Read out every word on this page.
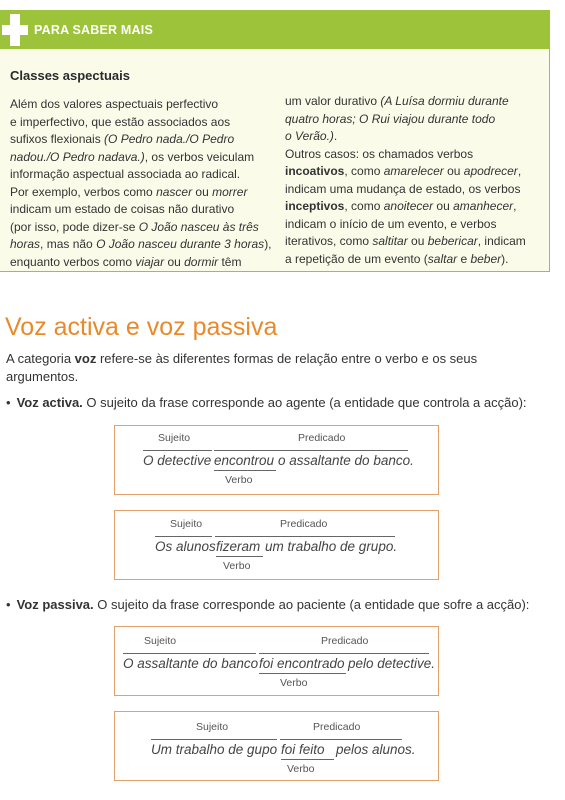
PARA SABER MAIS
Classes aspectuais
Além dos valores aspectuais perfectivo
e imperfectivo, que estão associados aos
sufixos flexionais (O Pedro nada./O Pedro
nadou./O Pedro nadava.), os verbos veiculam
informação aspectual associada ao radical.
Por exemplo, verbos como nascer ou morrer
indicam um estado de coisas não durativo
(por isso, pode dizer-se O João nasceu às três
horas, mas não O João nasceu durante 3 horas),
enquanto verbos como viajar ou dormir têm
um valor durativo (A Luísa dormiu durante
quatro horas; O Rui viajou durante todo
o Verão.).
Outros casos: os chamados verbos
incoativos, como amarelecer ou apodrecer,
indicam uma mudança de estado, os verbos
inceptivos, como anoitecer ou amanhecer,
indicam o início de um evento, e verbos
iterativos, como saltitar ou bebericar, indicam
a repetição de um evento (saltar e beber).
Voz activa e voz passiva
A categoria voz refere-se às diferentes formas de relação entre o verbo e os seus
argumentos.
• Voz activa. O sujeito da frase corresponde ao agente (a entidade que controla a acção):
• Voz passiva. O sujeito da frase corresponde ao paciente (a entidade que sofre a acção):
Sujeito	Predicado
O detective encontrou o assaltante do banco.
Verbo
Sujeito	Predicado
Os alunos fizeram um trabalho de grupo.
Verbo
Sujeito	Predicado
O assaltante do banco foi encontrado pelo detective.
Verbo
Sujeito	Predicado
Um trabalho de gupo foi feito pelos alunos.
Verbo
